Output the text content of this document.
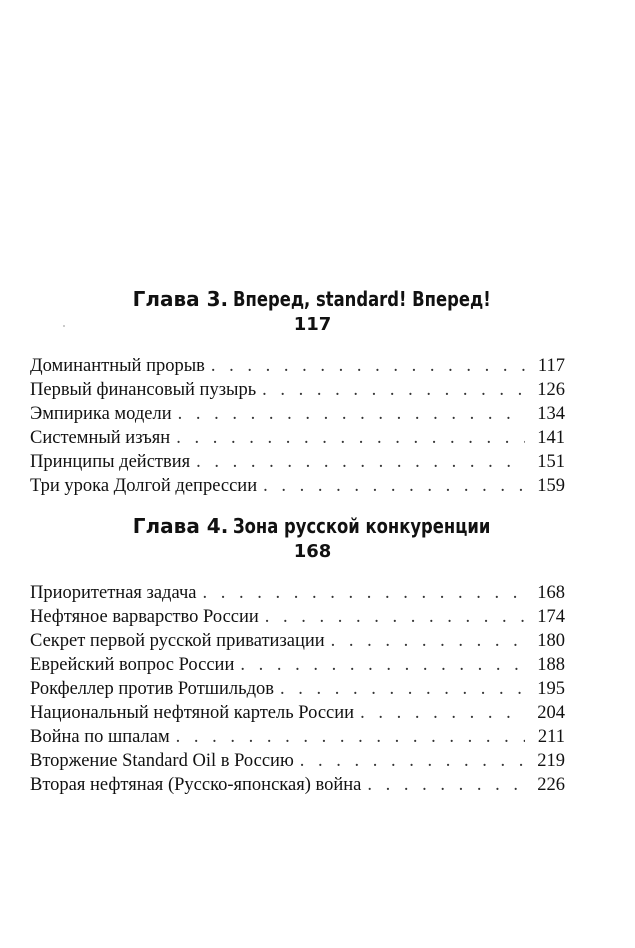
Глава 3. Вперед, standard! Вперед!
117
Доминантный прорыв . . .	117
Первый финансовый пузырь . . .	126
Эмпирика модели . . .	134
Системный изъян . . .	141
Принципы действия . . .	151
Три урока Долгой депрессии . . .	159
Глава 4. Зона русской конкуренции
168
Приоритетная задача . . .	168
Нефтяное варварство России . . .	174
Секрет первой русской приватизации . . .	180
Еврейский вопрос России . . .	188
Рокфеллер против Ротшильдов . . .	195
Национальный нефтяной картель России . . .	204
Война по шпалам . . .	211
Вторжение Standard Oil в Россию . . .	219
Вторая нефтяная (Русско-японская) война . . .	226
